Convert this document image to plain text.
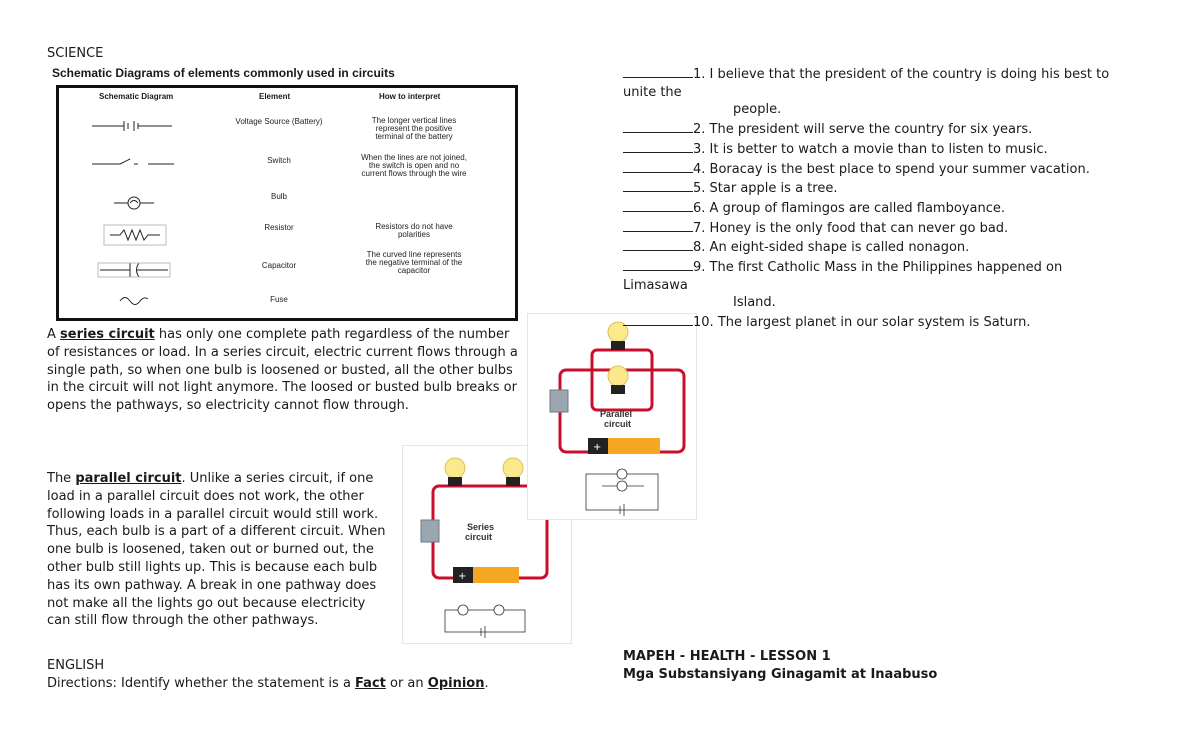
SCIENCE
Schematic Diagrams of elements commonly used in circuits
Schematic Diagram	Element	How to interpret
Voltage Source (Battery)
Switch
Bulb
Resistor
Capacitor
Fuse
The longer vertical lines
represent the positive
terminal of the battery
When the lines are not joined,
the switch is open and no
current flows through the wire
Resistors do not have
polarities
The curved line represents
the negative terminal of the
capacitor
A series circuit has only one complete path regardless of the number of resistances or load. In a series circuit, electric current flows through a single path, so when one bulb is loosened or busted, all the other bulbs in the circuit will not light anymore. The loosed or busted bulb breaks or opens the pathways, so electricity cannot flow through.
The parallel circuit. Unlike a series circuit, if one load in a parallel circuit does not work, the other following loads in a parallel circuit would still work. Thus, each bulb is a part of a different circuit. When one bulb is loosened, taken out or burned out, the other bulb still lights up. This is because each bulb has its own pathway. A break in one pathway does not make all the lights go out because electricity can still flow through the other pathways.
ENGLISH
Directions: Identify whether the statement is a Fact or an Opinion.
+
Series
circuit
+
Parallel
circuit
1. I believe that the president of the country is doing his best to
unite the
people.
2. The president will serve the country for six years.
3. It is better to watch a movie than to listen to music.
4. Boracay is the best place to spend your summer vacation.
5. Star apple is a tree.
6. A group of flamingos are called flamboyance.
7. Honey is the only food that can never go bad.
8. An eight-sided shape is called nonagon.
9. The first Catholic Mass in the Philippines happened on
Limasawa
Island.
10. The largest planet in our solar system is Saturn.
MAPEH - HEALTH - LESSON 1
Mga Substansiyang Ginagamit at Inaabuso
